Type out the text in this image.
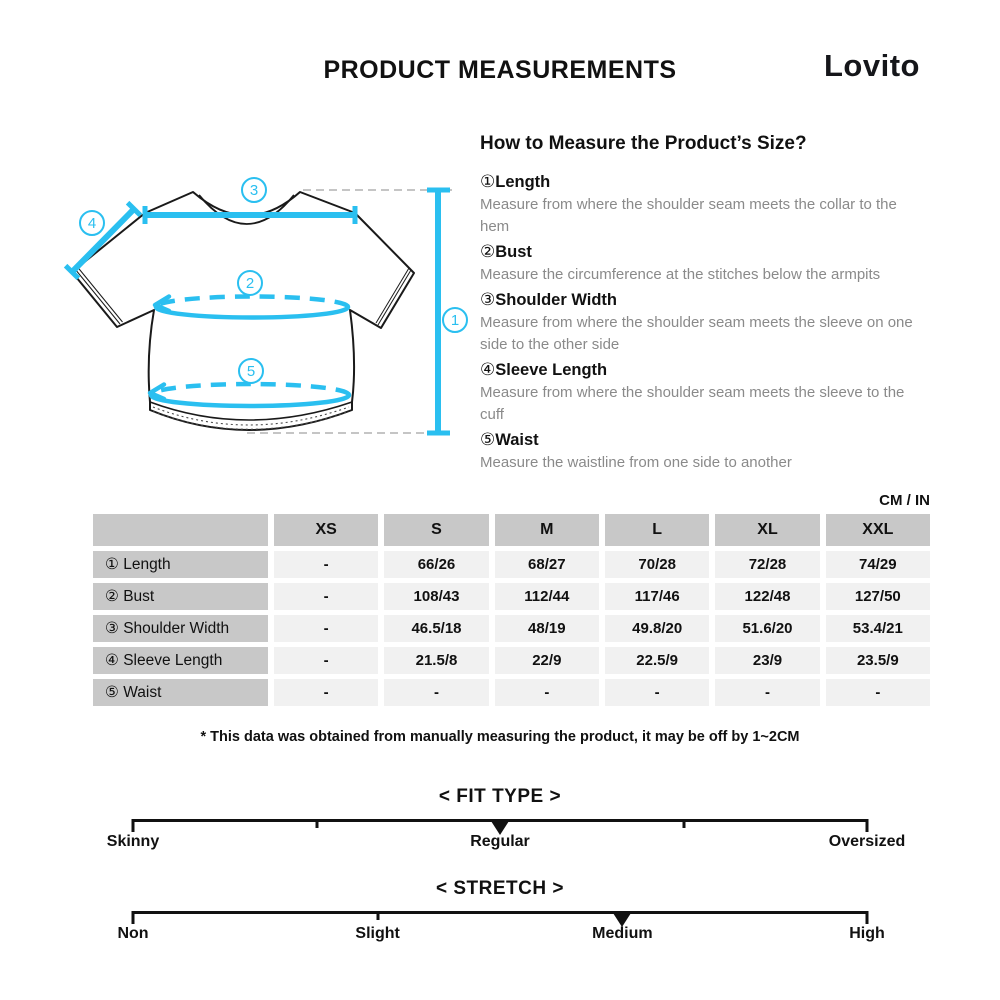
PRODUCT MEASUREMENTS	Lovito
3
4
2
5
1
How to Measure the Product’s Size?
①Length
Measure from where the shoulder seam meets the collar to the hem
②Bust
Measure the circumference at the stitches below the armpits
③Shoulder Width
Measure from where the shoulder seam meets the sleeve on one side to the other side
④Sleeve Length
Measure from where the shoulder seam meets the sleeve to the cuff
⑤Waist
Measure the waistline from one side to another
CM / IN
XS	S	M	L	XL	XXL
① Length	-	66/26	68/27	70/28	72/28	74/29
② Bust	-	108/43	112/44	117/46	122/48	127/50
③ Shoulder Width	-	46.5/18	48/19	49.8/20	51.6/20	53.4/21
④ Sleeve Length	-	21.5/8	22/9	22.5/9	23/9	23.5/9
⑤ Waist	-	-	-	-	-	-
* This data was obtained from manually measuring the product, it may be off by 1~2CM
< FIT TYPE >
Skinny	Regular	Oversized
< STRETCH >
Non	Slight	Medium	High
